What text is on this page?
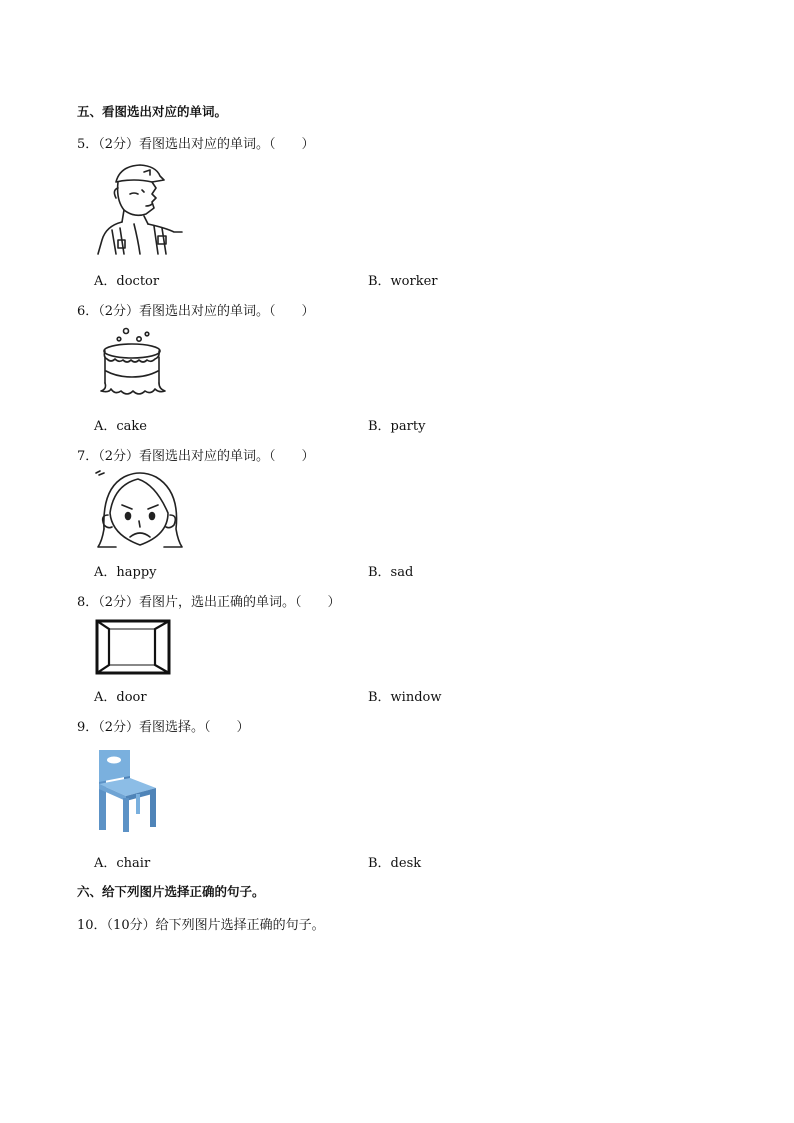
五、看图选出对应的单词。
5．（2分）看图选出对应的单词。（　　）
A．doctor	B．worker
6．（2分）看图选出对应的单词。（　　）
A．cake	B．party
7．（2分）看图选出对应的单词。（　　）
A．happy	B．sad
8．（2分）看图片，选出正确的单词。（　　）
A．door	B．window
9．（2分）看图选择。（　　）
A．chair	B．desk
六、给下列图片选择正确的句子。
10．（10分）给下列图片选择正确的句子。
